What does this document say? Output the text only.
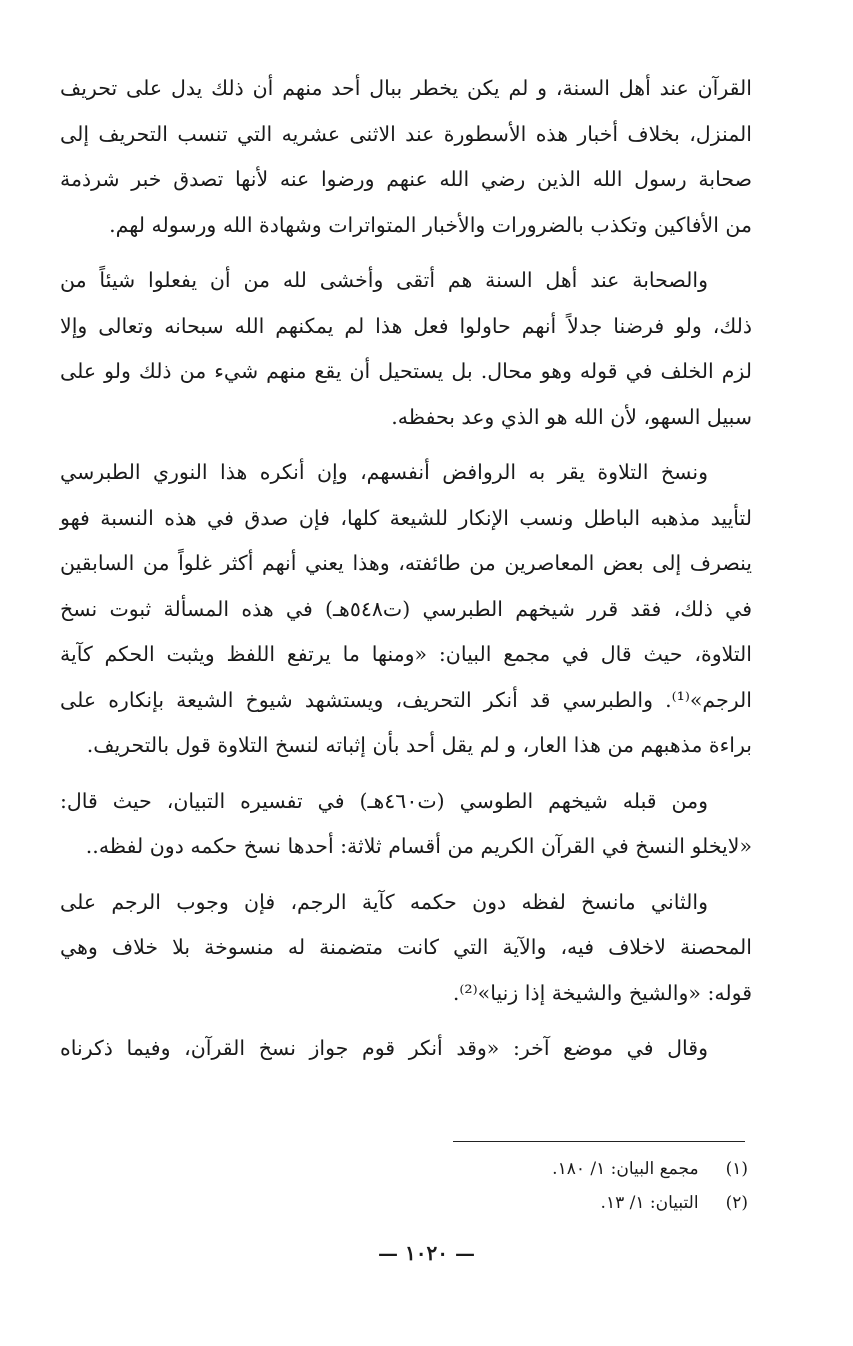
القرآن عند أهل السنة، و لم يكن يخطر ببال أحد منهم أن ذلك يدل على تحريف
المنزل، بخلاف أخبار هذه الأسطورة عند الاثنى عشريه التي تنسب التحريف إلى
صحابة رسول الله الذين رضي الله عنهم ورضوا عنه لأنها تصدق خبر شرذمة
من الأفاكين وتكذب بالضرورات والأخبار المتواترات وشهادة الله ورسوله لهم.
والصحابة عند أهل السنة هم أتقى وأخشى لله من أن يفعلوا شيئاً من
ذلك، ولو فرضنا جدلاً أنهم حاولوا فعل هذا لم يمكنهم الله سبحانه وتعالى وإلا
لزم الخلف في قوله وهو محال. بل يستحيل أن يقع منهم شيء من ذلك ولو على
سبيل السهو، لأن الله هو الذي وعد بحفظه.
ونسخ التلاوة يقر به الروافض أنفسهم، وإن أنكره هذا النوري الطبرسي
لتأييد مذهبه الباطل ونسب الإنكار للشيعة كلها، فإن صدق في هذه النسبة فهو
ينصرف إلى بعض المعاصرين من طائفته، وهذا يعني أنهم أكثر غلواً من السابقين
في ذلك، فقد قرر شيخهم الطبرسي (ت٥٤٨هـ) في هذه المسألة ثبوت نسخ
التلاوة، حيث قال في مجمع البيان: «ومنها ما يرتفع اللفظ ويثبت الحكم كآية
الرجم»⁽¹⁾. والطبرسي قد أنكر التحريف، ويستشهد شيوخ الشيعة بإنكاره على
براءة مذهبهم من هذا العار، و لم يقل أحد بأن إثباته لنسخ التلاوة قول بالتحريف.
ومن قبله شيخهم الطوسي (ت٤٦٠هـ) في تفسيره التبيان، حيث قال:
«لايخلو النسخ في القرآن الكريم من أقسام ثلاثة: أحدها نسخ حكمه دون لفظه..
والثاني مانسخ لفظه دون حكمه كآية الرجم، فإن وجوب الرجم على
المحصنة لاخلاف فيه، والآية التي كانت متضمنة له منسوخة بلا خلاف وهي
قوله: «والشيخ والشيخة إذا زنيا»⁽²⁾.
وقال في موضع آخر: «وقد أنكر قوم جواز نسخ القرآن، وفيما ذكرناه
(١) مجمع البيان: ١/ ١٨٠.
(٢) التبيان: ١/ ١٣.
— ١٠٢٠ —
